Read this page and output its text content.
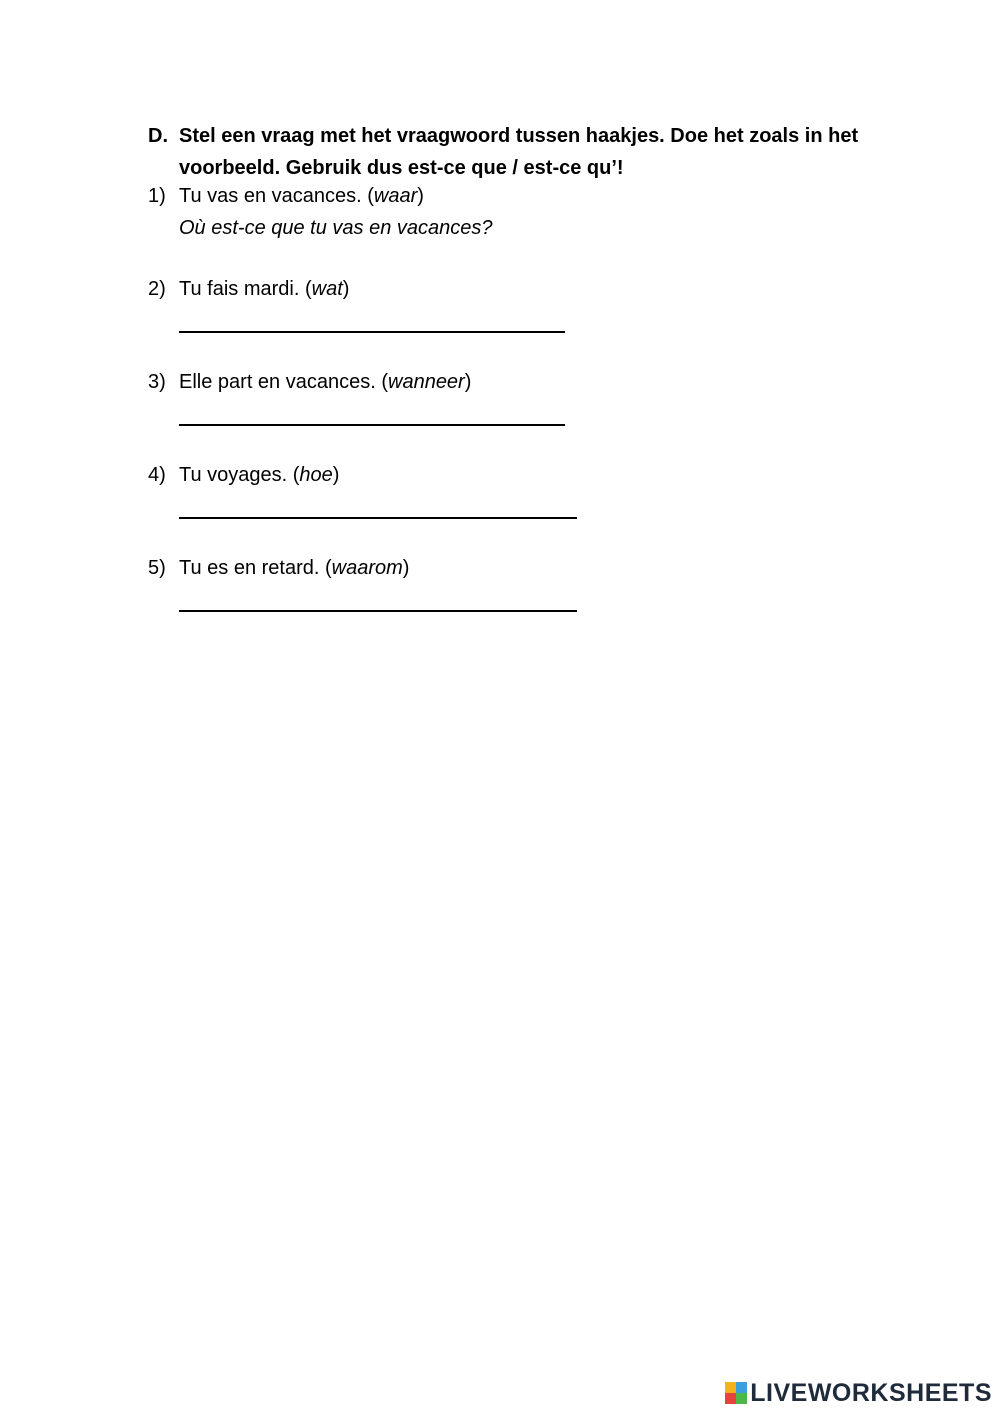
D. Stel een vraag met het vraagwoord tussen haakjes. Doe het zoals in het
voorbeeld. Gebruik dus est-ce que / est-ce qu’!
1) Tu vas en vacances. (waar)
Où est-ce que tu vas en vacances?
2) Tu fais mardi. (wat)
3) Elle part en vacances. (wanneer)
4) Tu voyages. (hoe)
5) Tu es en retard. (waarom)
LIVEWORKSHEETS
